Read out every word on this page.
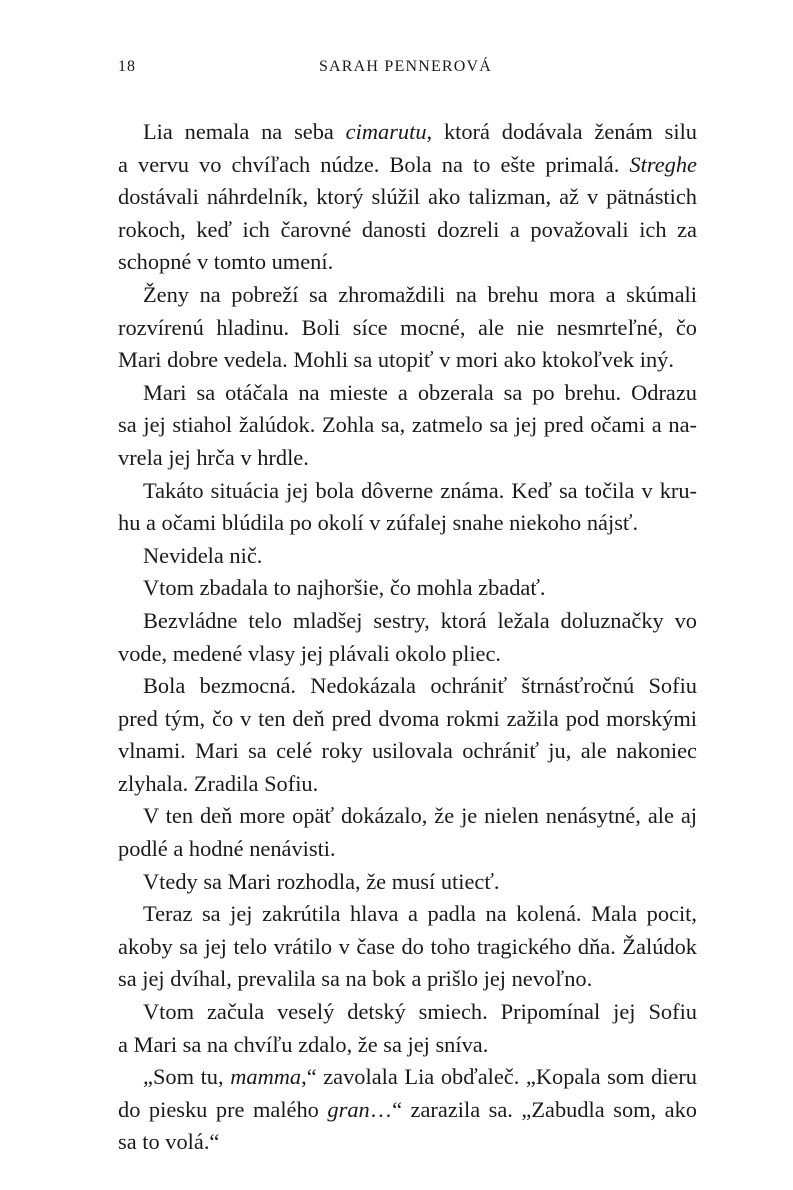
18	SARAH PENNEROVÁ
Lia nemala na seba cimarutu, ktorá dodávala ženám silu
a vervu vo chvíľach núdze. Bola na to ešte primalá. Streghe
dostávali náhrdelník, ktorý slúžil ako talizman, až v pätnástich
rokoch, keď ich čarovné danosti dozreli a považovali ich za
schopné v tomto umení.
Ženy na pobreží sa zhromaždili na brehu mora a skúmali
rozvírenú hladinu. Boli síce mocné, ale nie nesmrteľné, čo
Mari dobre vedela. Mohli sa utopiť v mori ako ktokoľvek iný.
Mari sa otáčala na mieste a obzerala sa po brehu. Odrazu
sa jej stiahol žalúdok. Zohla sa, zatmelo sa jej pred očami a na-
vrela jej hrča v hrdle.
Takáto situácia jej bola dôverne známa. Keď sa točila v kru-
hu a očami blúdila po okolí v zúfalej snahe niekoho nájsť.
Nevidela nič.
Vtom zbadala to najhoršie, čo mohla zbadať.
Bezvládne telo mladšej sestry, ktorá ležala doluznačky vo
vode, medené vlasy jej plávali okolo pliec.
Bola bezmocná. Nedokázala ochrániť štrnásťročnú Sofiu
pred tým, čo v ten deň pred dvoma rokmi zažila pod morskými
vlnami. Mari sa celé roky usilovala ochrániť ju, ale nakoniec
zlyhala. Zradila Sofiu.
V ten deň more opäť dokázalo, že je nielen nenásytné, ale aj
podlé a hodné nenávisti.
Vtedy sa Mari rozhodla, že musí utiecť.
Teraz sa jej zakrútila hlava a padla na kolená. Mala pocit,
akoby sa jej telo vrátilo v čase do toho tragického dňa. Žalúdok
sa jej dvíhal, prevalila sa na bok a prišlo jej nevoľno.
Vtom začula veselý detský smiech. Pripomínal jej Sofiu
a Mari sa na chvíľu zdalo, že sa jej sníva.
„Som tu, mamma,“ zavolala Lia obďaleč. „Kopala som dieru
do piesku pre malého gran…“ zarazila sa. „Zabudla som, ako
sa to volá.“
